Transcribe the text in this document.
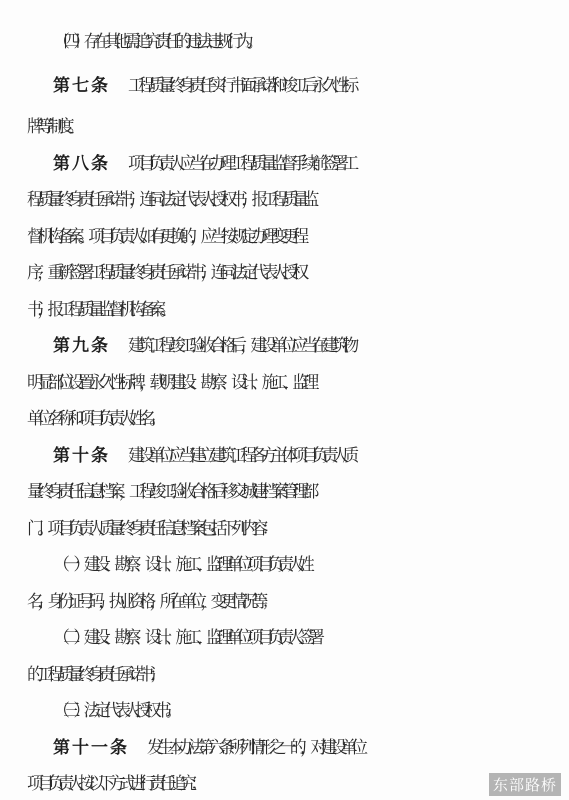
（四）存在其他需追究责任的违法违规行为。
第七条 工程质量终身责任实行书面承诺和竣工后永久性标
牌等制度。
第八条 项目负责人应当在办理工程质量监督手续前签署工
程质量终身责任承诺书，连同法定代表人授权书，报工程质量监
督机构备案。项目负责人如有更换的，应当按规定办理变更程
序，重新签署工程质量终身责任承诺书，连同法定代表人授权
书，报工程质量监督机构备案。
第九条 建筑工程竣工验收合格后，建设单位应当在建筑物
明显部位设置永久性标牌，载明建设、勘察、设计、施工、监理
单位名称和项目负责人姓名。
第十条 建设单位应当建立建筑工程各方主体项目负责人质
量终身责任信息档案，工程竣工验收合格后移交城建档案管理部
门。项目负责人质量终身责任信息档案包括下列内容：
（一）建设、勘察、设计、施工、监理单位项目负责人姓
名，身份证号码，执业资格，所在单位，变更情况等；
（二）建设、勘察、设计、施工、监理单位项目负责人签署
的工程质量终身责任承诺书；
（三）法定代表人授权书。
第十一条 发生本办法第六条所列情形之一的，对建设单位
项目负责人按以下方式进行责任追究：	东部路桥
